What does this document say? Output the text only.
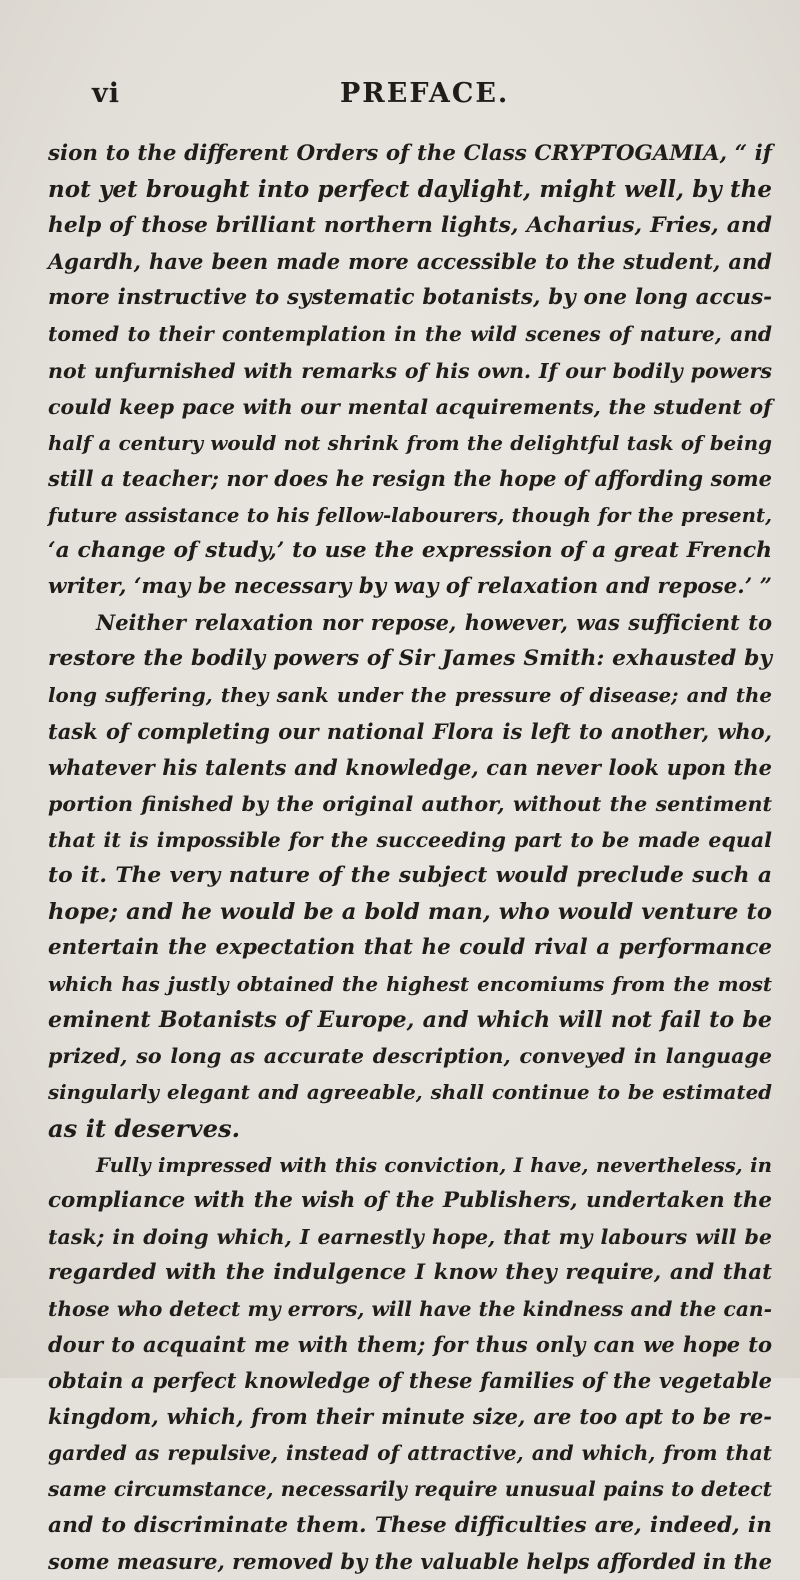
vi	PREFACE.
sion to the different Orders of the Class CRYPTOGAMIA, “ if
not yet brought into perfect daylight, might well, by the
help of those brilliant northern lights, Acharius, Fries, and
Agardh, have been made more accessible to the student, and
more instructive to systematic botanists, by one long accus-
tomed to their contemplation in the wild scenes of nature, and
not unfurnished with remarks of his own. If our bodily powers
could keep pace with our mental acquirements, the student of
half a century would not shrink from the delightful task of being
still a teacher; nor does he resign the hope of affording some
future assistance to his fellow-labourers, though for the present,
‘a change of study,’ to use the expression of a great French
writer, ‘may be necessary by way of relaxation and repose.’ ”
Neither relaxation nor repose, however, was sufficient to
restore the bodily powers of Sir James Smith: exhausted by
long suffering, they sank under the pressure of disease; and the
task of completing our national Flora is left to another, who,
whatever his talents and knowledge, can never look upon the
portion finished by the original author, without the sentiment
that it is impossible for the succeeding part to be made equal
to it. The very nature of the subject would preclude such a
hope; and he would be a bold man, who would venture to
entertain the expectation that he could rival a performance
which has justly obtained the highest encomiums from the most
eminent Botanists of Europe, and which will not fail to be
prized, so long as accurate description, conveyed in language
singularly elegant and agreeable, shall continue to be estimated
as it deserves.
Fully impressed with this conviction, I have, nevertheless, in
compliance with the wish of the Publishers, undertaken the
task; in doing which, I earnestly hope, that my labours will be
regarded with the indulgence I know they require, and that
those who detect my errors, will have the kindness and the can-
dour to acquaint me with them; for thus only can we hope to
obtain a perfect knowledge of these families of the vegetable
kingdom, which, from their minute size, are too apt to be re-
garded as repulsive, instead of attractive, and which, from that
same circumstance, necessarily require unusual pains to detect
and to discriminate them. These difficulties are, indeed, in
some measure, removed by the valuable helps afforded in the
